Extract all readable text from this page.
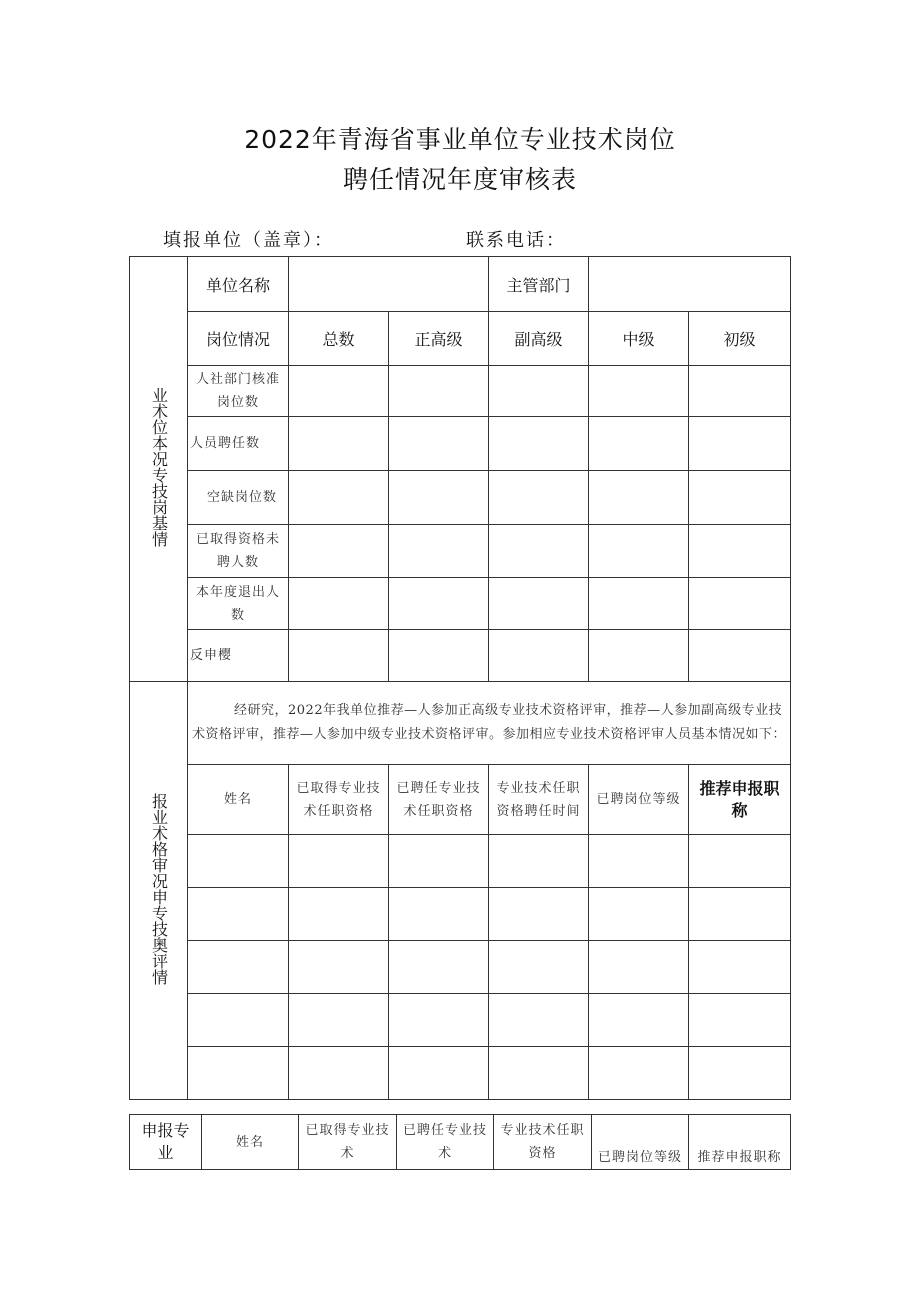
2022年青海省事业单位专业技术岗位
聘任情况年度审核表
填报单位（盖章）：	联系电话：
业术位本况专技岗基情	单位名称			主管部门		
	岗位情况	总数	正高级	副高级	中级	初级
	人社部门核准岗位数					
	人员聘任数					
	空缺岗位数					
	已取得资格未聘人数					
	本年度退出人数					
	反申樱					
报业术格审况申专技奥评情	经研究，2022年我单位推荐—人参加正高级专业技术资格评审，推荐—人参加副高级专业技术资格评审，推荐—人参加中级专业技术资格评审。参加相应专业技术资格评审人员基本情况如下：					
	姓名	已取得专业技术任职资格	已聘任专业技术任职资格	专业技术任职资格聘任时间	已聘岗位等级	推荐申报职称

申报专业	姓名	已取得专业技术	已聘任专业技术	专业技术任职资格	已聘岗位等级	推荐申报职称
